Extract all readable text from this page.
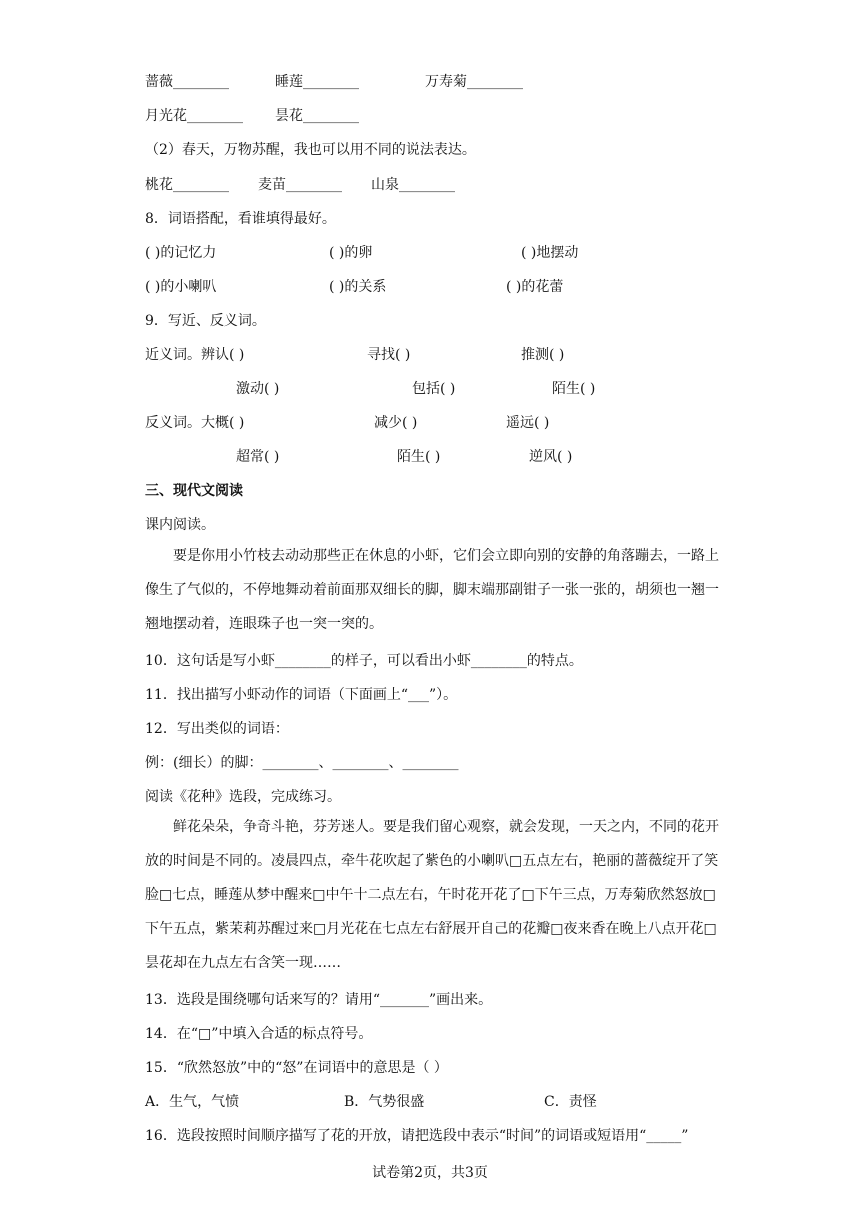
蔷薇________	睡莲________	万寿菊________
月光花________ 昙花________
（2）春天，万物苏醒，我也可以用不同的说法表达。
桃花________ 麦苗________ 山泉________
8．词语搭配，看谁填得最好。
( )的记忆力	( )的卵	( )地摆动
( )的小喇叭	( )的关系	( )的花蕾
9．写近、反义词。
近义词。辨认( )	寻找( )	推测( )
激动( )	包括( )	陌生( )
反义词。大概( )	减少( )	遥远( )
超常( )	陌生( )	逆风( )
三、现代文阅读
课内阅读。
要是你用小竹枝去动动那些正在休息的小虾，它们会立即向别的安静的角落蹦去，一路上像生了气似的，不停地舞动着前面那双细长的脚，脚末端那副钳子一张一张的，胡须也一翘一翘地摆动着，连眼珠子也一突一突的。
10．这句话是写小虾________的样子，可以看出小虾________的特点。
11．找出描写小虾动作的词语（下面画上“___”）。
12．写出类似的词语：
例：(细长）的脚：________、________、________
阅读《花种》选段，完成练习。
鲜花朵朵，争奇斗艳，芬芳迷人。要是我们留心观察，就会发现，一天之内，不同的花开放的时间是不同的。凌晨四点，牵牛花吹起了紫色的小喇叭□五点左右，艳丽的蔷薇绽开了笑脸□七点，睡莲从梦中醒来□中午十二点左右，午时花开花了□下午三点，万寿菊欣然怒放□下午五点，紫茉莉苏醒过来□月光花在七点左右舒展开自己的花瓣□夜来香在晚上八点开花□昙花却在九点左右含笑一现……
13．选段是围绕哪句话来写的？请用“_______”画出来。
14．在“□”中填入合适的标点符号。
15．“欣然怒放”中的“怒”在词语中的意思是（ ）
A．生气，气愤	B．气势很盛	C．责怪
16．选段按照时间顺序描写了花的开放，请把选段中表示“时间”的词语或短语用“_____”
试卷第2页，共3页
